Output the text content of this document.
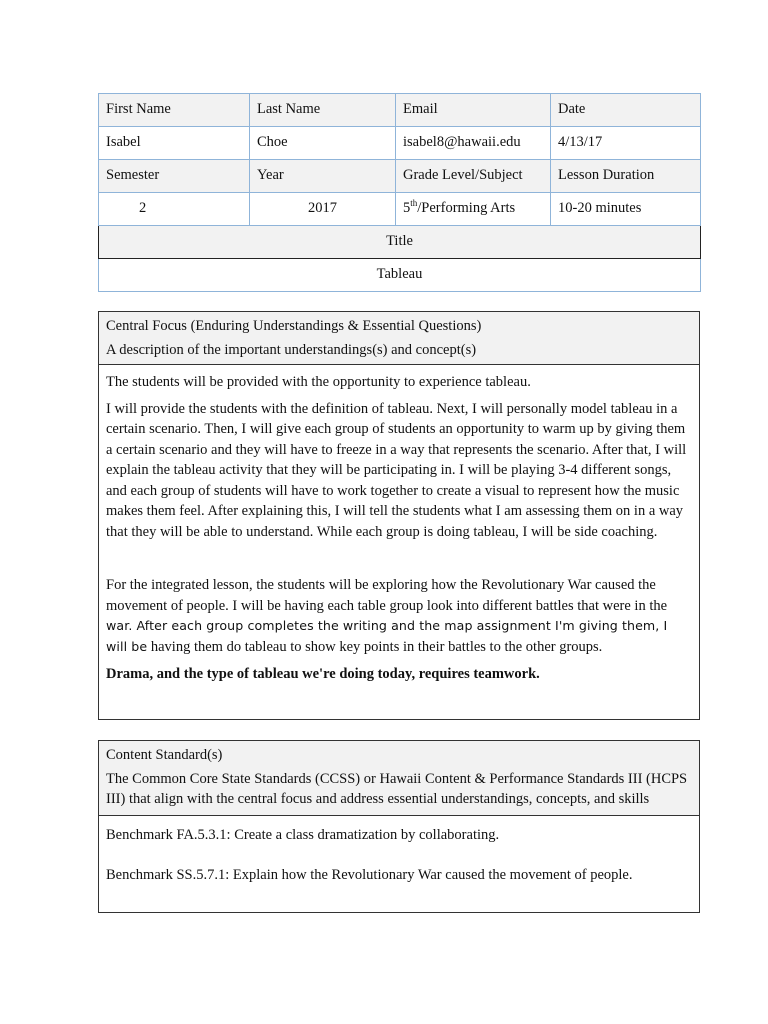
First Name	Last Name	Email	Date
Isabel	Choe	isabel8@hawaii.edu	4/13/17
Semester	Year	Grade Level/Subject	Lesson Duration
2	2017	5th/Performing Arts	10-20 minutes
Title			
Tableau			

Central Focus (Enduring Understandings & Essential Questions)

A description of the important understandings(s) and concept(s)

The students will be provided with the opportunity to experience tableau.

I will provide the students with the definition of tableau. Next, I will personally model tableau in a certain scenario. Then, I will give each group of students an opportunity to warm up by giving them a certain scenario and they will have to freeze in a way that represents the scenario. After that, I will explain the tableau activity that they will be participating in. I will be playing 3-4 different songs, and each group of students will have to work together to create a visual to represent how the music makes them feel. After explaining this, I will tell the students what I am assessing them on in a way that they will be able to understand. While each group is doing tableau, I will be side coaching.

For the integrated lesson, the students will be exploring how the Revolutionary War caused the movement of people. I will be having each table group look into different battles that were in the war. After each group completes the writing and the map assignment I'm giving them, I will be having them do tableau to show key points in their battles to the other groups.

Drama, and the type of tableau we're doing today, requires teamwork.

Content Standard(s)

The Common Core State Standards (CCSS) or Hawaii Content & Performance Standards III (HCPS III) that align with the central focus and address essential understandings, concepts, and skills

Benchmark FA.5.3.1: Create a class dramatization by collaborating.

Benchmark SS.5.7.1: Explain how the Revolutionary War caused the movement of people.
